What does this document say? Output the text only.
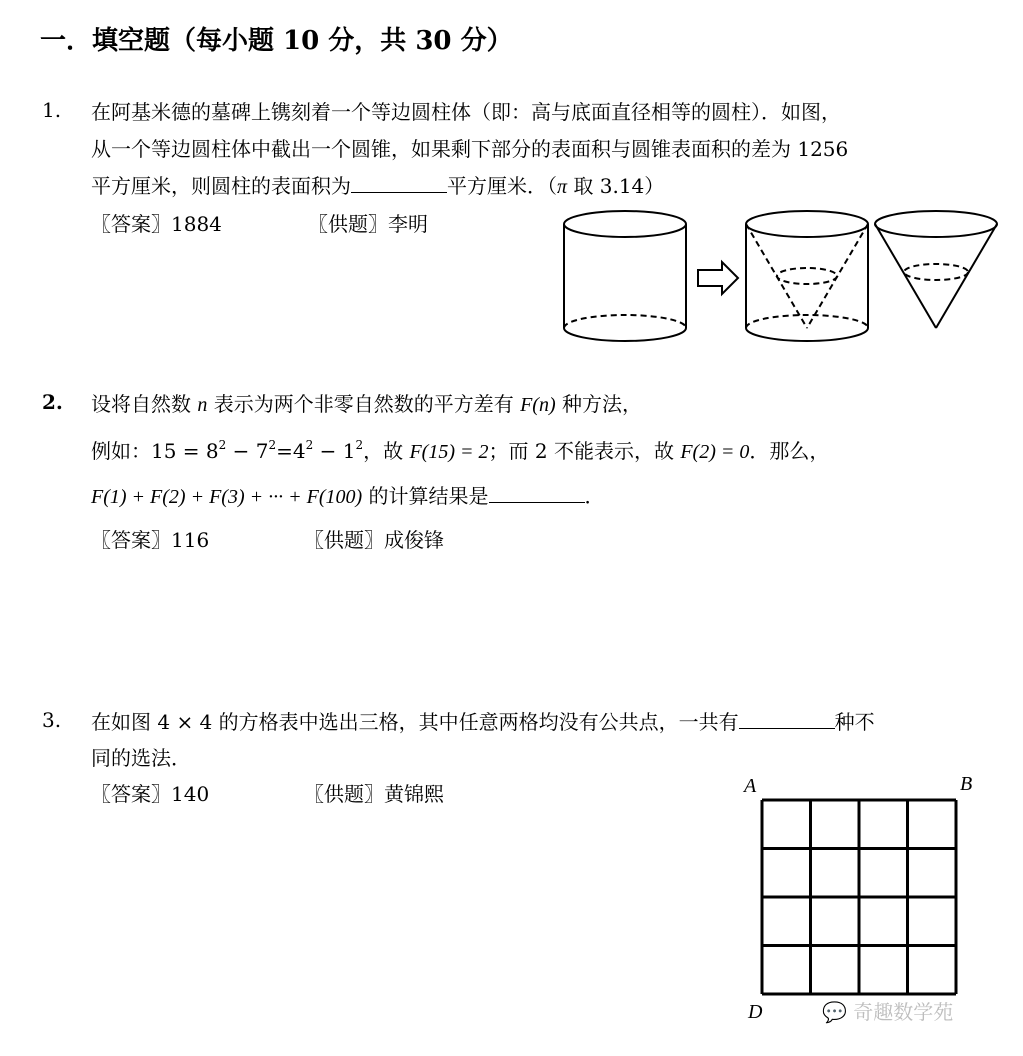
一．填空题（每小题 10 分，共 30 分）
1. 在阿基米德的墓碑上镌刻着一个等边圆柱体（即：高与底面直径相等的圆柱）．如图，
从一个等边圆柱体中截出一个圆锥，如果剩下部分的表面积与圆锥表面积的差为 1256
平方厘米，则圆柱的表面积为	平方厘米．（π 取 3.14）
〖答案〗1884	〖供题〗李明
2. 设将自然数 n 表示为两个非零自然数的平方差有 F(n) 种方法，
例如：$15 = 8^2 - 7^2=4^2 - 1^2$，故 F(15) = 2；而 2 不能表示，故 F(2) = 0．那么，
F(1) + F(2) + F(3) + ··· + F(100) 的计算结果是	．
〖答案〗116	〖供题〗成俊锋
3. 在如图 4 × 4 的方格表中选出三格，其中任意两格均没有公共点，一共有	种不
同的选法．
〖答案〗140	〖供题〗黄锦熙	A	B
D	💬 奇趣数学苑
